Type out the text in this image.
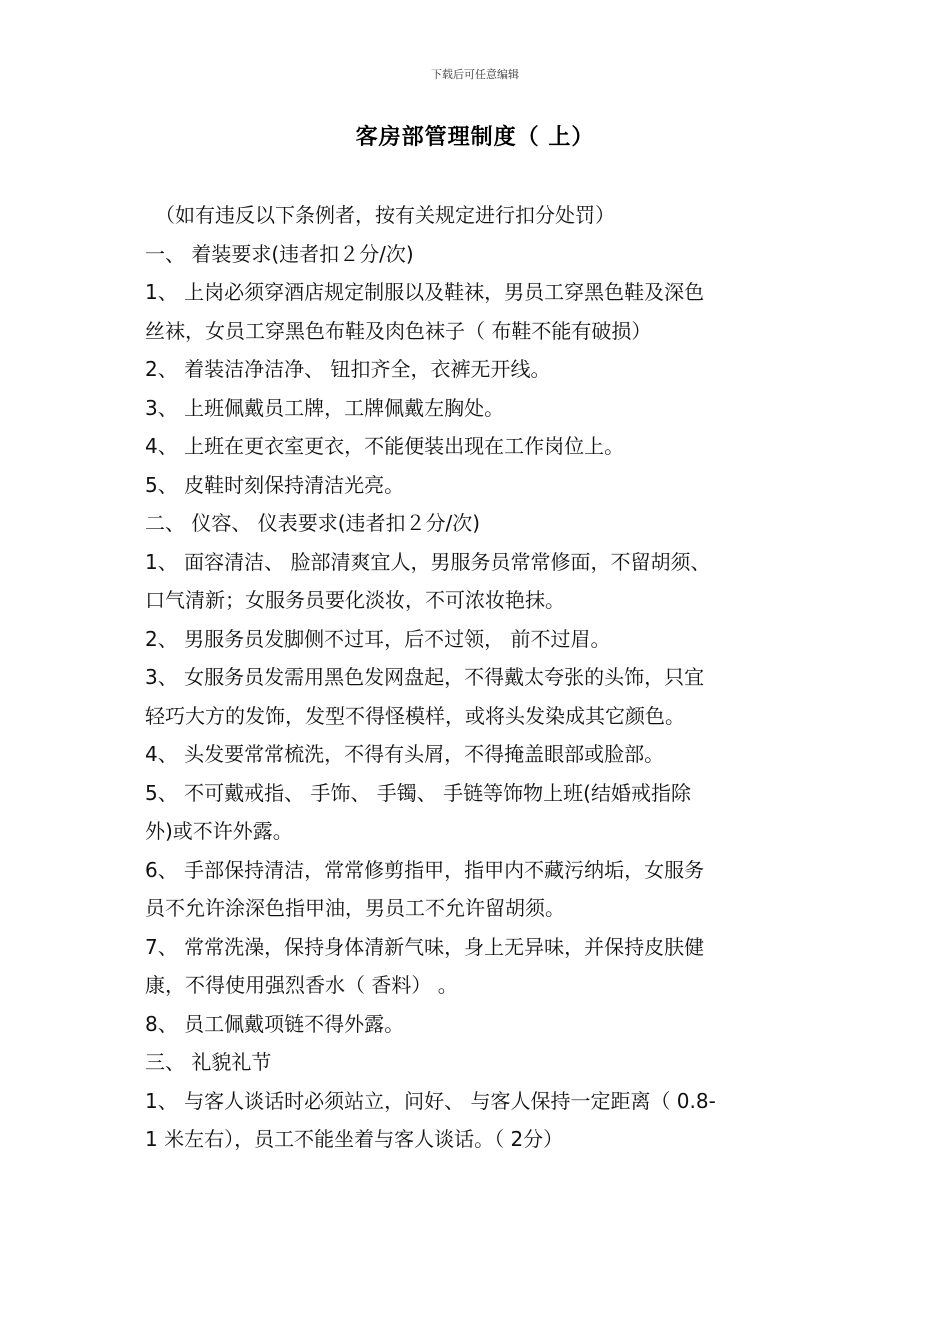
下载后可任意编辑
客房部管理制度（ 上）

（如有违反以下条例者，按有关规定进行扣分处罚）

一、 着装要求(违者扣２分/次)

1、 上岗必须穿酒店规定制服以及鞋袜，男员工穿黑色鞋及深色

丝袜，女员工穿黑色布鞋及肉色袜子（ 布鞋不能有破损）

2、 着装洁净洁净、 钮扣齐全，衣裤无开线。

3、 上班佩戴员工牌，工牌佩戴左胸处。

4、 上班在更衣室更衣，不能便装出现在工作岗位上。

5、 皮鞋时刻保持清洁光亮。

二、 仪容、 仪表要求(违者扣２分/次)

1、 面容清洁、 脸部清爽宜人，男服务员常常修面，不留胡须、

口气清新；女服务员要化淡妆，不可浓妆艳抹。

2、 男服务员发脚侧不过耳，后不过领， 前不过眉。

3、 女服务员发需用黑色发网盘起，不得戴太夸张的头饰，只宜

轻巧大方的发饰，发型不得怪模样，或将头发染成其它颜色。

4、 头发要常常梳洗，不得有头屑，不得掩盖眼部或脸部。

5、 不可戴戒指、 手饰、 手镯、 手链等饰物上班(结婚戒指除

外)或不许外露。

6、 手部保持清洁，常常修剪指甲，指甲内不藏污纳垢，女服务

员不允许涂深色指甲油，男员工不允许留胡须。

7、 常常洗澡，保持身体清新气味，身上无异味，并保持皮肤健

康，不得使用强烈香水（ 香料） 。

8、 员工佩戴项链不得外露。

三、 礼貌礼节

1、 与客人谈话时必须站立，问好、 与客人保持一定距离（ 0.8-

1 米左右），员工不能坐着与客人谈话。（ 2分）
